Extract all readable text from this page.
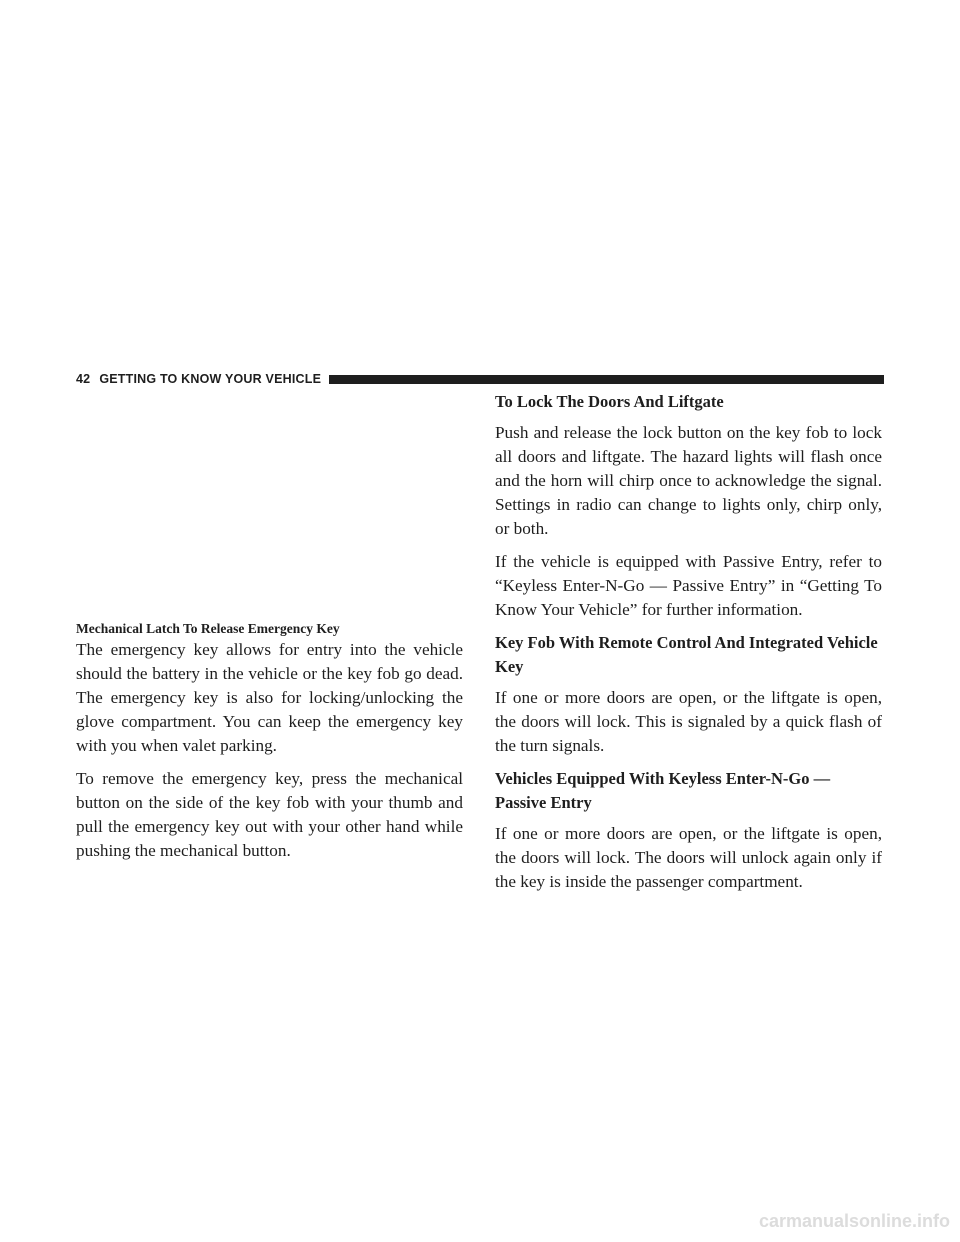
42 GETTING TO KNOW YOUR VEHICLE

Mechanical Latch To Release Emergency Key

The emergency key allows for entry into the vehicle should the battery in the vehicle or the key fob go dead. The emergency key is also for locking/unlocking the glove compartment. You can keep the emergency key with you when valet parking.

To remove the emergency key, press the mechanical button on the side of the key fob with your thumb and pull the emergency key out with your other hand while pushing the mechanical button.

To Lock The Doors And Liftgate

Push and release the lock button on the key fob to lock all doors and liftgate. The hazard lights will flash once and the horn will chirp once to acknowledge the signal. Settings in radio can change to lights only, chirp only, or both.

If the vehicle is equipped with Passive Entry, refer to “Keyless Enter-N-Go — Passive Entry” in “Getting To Know Your Vehicle” for further information.

Key Fob With Remote Control And Integrated Vehicle Key

If one or more doors are open, or the liftgate is open, the doors will lock. This is signaled by a quick flash of the turn signals.

Vehicles Equipped With Keyless Enter-N-Go — Passive Entry

If one or more doors are open, or the liftgate is open, the doors will lock. The doors will unlock again only if the key is inside the passenger compartment.

carmanualsonline.info
